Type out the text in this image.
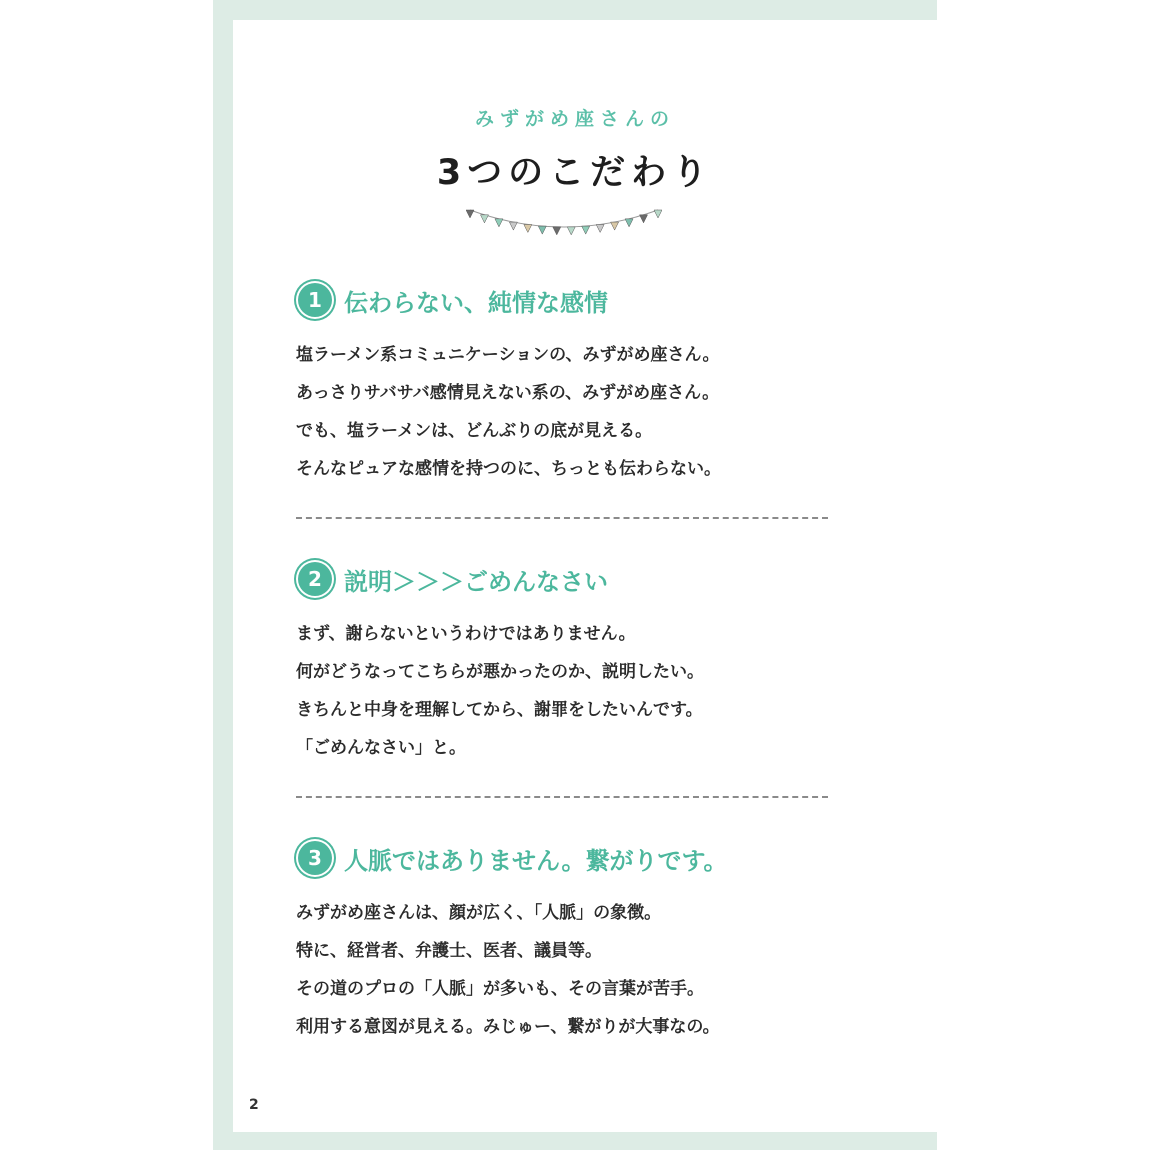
みずがめ座さんの
3つのこだわり
1 伝わらない、純情な感情
塩ラーメン系コミュニケーションの、みずがめ座さん。
あっさりサバサバ感情見えない系の、みずがめ座さん。
でも、塩ラーメンは、どんぶりの底が見える。
そんなピュアな感情を持つのに、ちっとも伝わらない。
2 説明＞＞＞ごめんなさい
まず、謝らないというわけではありません。
何がどうなってこちらが悪かったのか、説明したい。
きちんと中身を理解してから、謝罪をしたいんです。
「ごめんなさい」と。
3 人脈ではありません。繋がりです。
みずがめ座さんは、顔が広く、「人脈」の象徴。
特に、経営者、弁護士、医者、議員等。
その道のプロの「人脈」が多いも、その言葉が苦手。
利用する意図が見える。みじゅー、繋がりが大事なの。
2
